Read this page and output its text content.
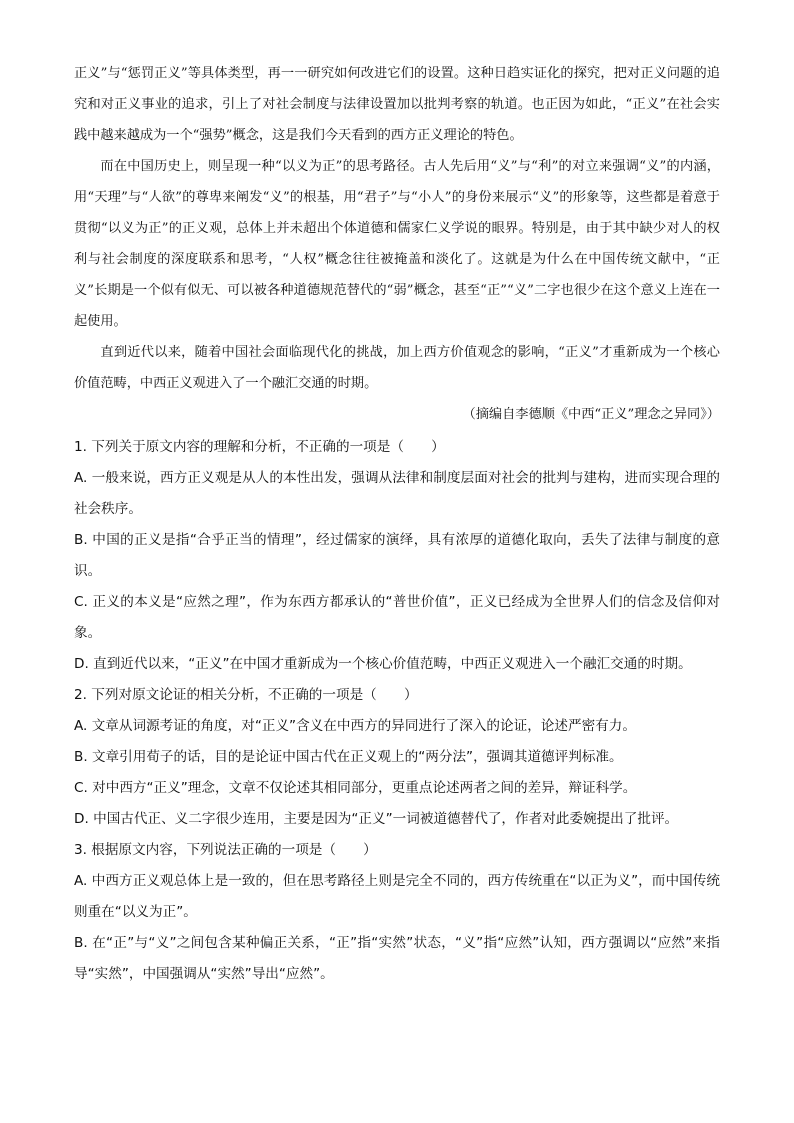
正义”与“惩罚正义”等具体类型，再一一研究如何改进它们的设置。这种日趋实证化的探究，把对正义问题的追究和对正义事业的追求，引上了对社会制度与法律设置加以批判考察的轨道。也正因为如此，“正义”在社会实践中越来越成为一个“强势”概念，这是我们今天看到的西方正义理论的特色。

而在中国历史上，则呈现一种“以义为正”的思考路径。古人先后用“义”与“利”的对立来强调“义”的内涵，用“天理”与“人欲”的尊卑来阐发“义”的根基，用“君子”与“小人”的身份来展示“义”的形象等，这些都是着意于贯彻“以义为正”的正义观，总体上并未超出个体道德和儒家仁义学说的眼界。特别是，由于其中缺少对人的权利与社会制度的深度联系和思考，“人权”概念往往被掩盖和淡化了。这就是为什么在中国传统文献中，“正义”长期是一个似有似无、可以被各种道德规范替代的“弱”概念，甚至“正”“义”二字也很少在这个意义上连在一起使用。

直到近代以来，随着中国社会面临现代化的挑战，加上西方价值观念的影响，“正义”才重新成为一个核心价值范畴，中西正义观进入了一个融汇交通的时期。

（摘编自李德顺《中西“正义”理念之异同》）

1. 下列关于原文内容的理解和分析，不正确的一项是（　　）

A. 一般来说，西方正义观是从人的本性出发，强调从法律和制度层面对社会的批判与建构，进而实现合理的社会秩序。

B. 中国的正义是指“合乎正当的情理”，经过儒家的演绎，具有浓厚的道德化取向，丢失了法律与制度的意识。

C. 正义的本义是“应然之理”，作为东西方都承认的“普世价值”，正义已经成为全世界人们的信念及信仰对象。

D. 直到近代以来，“正义”在中国才重新成为一个核心价值范畴，中西正义观进入一个融汇交通的时期。

2. 下列对原文论证的相关分析，不正确的一项是（　　）

A. 文章从词源考证的角度，对“正义”含义在中西方的异同进行了深入的论证，论述严密有力。

B. 文章引用荀子的话，目的是论证中国古代在正义观上的“两分法”，强调其道德评判标准。

C. 对中西方“正义”理念，文章不仅论述其相同部分，更重点论述两者之间的差异，辩证科学。

D. 中国古代正、义二字很少连用，主要是因为“正义”一词被道德替代了，作者对此委婉提出了批评。

3. 根据原文内容，下列说法正确的一项是（　　）

A. 中西方正义观总体上是一致的，但在思考路径上则是完全不同的，西方传统重在“以正为义”，而中国传统则重在“以义为正”。

B. 在“正”与“义”之间包含某种偏正关系，“正”指“实然”状态，“义”指“应然”认知，西方强调以“应然”来指导“实然”，中国强调从“实然”导出“应然”。
